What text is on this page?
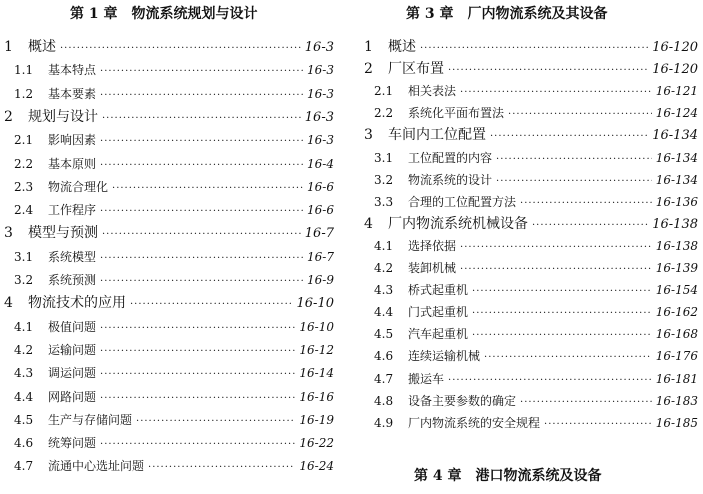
第 1 章　物流系统规划与设计
1	概述 ·····	16-3
1.1	基本特点 ·····	16-3
1.2	基本要素 ·····	16-3
2	规划与设计 ·····	16-3
2.1	影响因素 ·····	16-3
2.2	基本原则 ·····	16-4
2.3	物流合理化 ·····	16-6
2.4	工作程序 ·····	16-6
3	模型与预测 ·····	16-7
3.1	系统模型 ·····	16-7
3.2	系统预测 ·····	16-9
4	物流技术的应用 ·····	16-10
4.1	极值问题 ·····	16-10
4.2	运输问题 ·····	16-12
4.3	调运问题 ·····	16-14
4.4	网路问题 ·····	16-16
4.5	生产与存储问题 ·····	16-19
4.6	统筹问题 ·····	16-22
4.7	流通中心选址问题 ·····	16-24
第 3 章　厂内物流系统及其设备
1	概述 ·····	16-120
2	厂区布置 ·····	16-120
2.1	相关表法 ·····	16-121
2.2	系统化平面布置法 ·····	16-124
3	车间内工位配置 ·····	16-134
3.1	工位配置的内容 ·····	16-134
3.2	物流系统的设计 ·····	16-134
3.3	合理的工位配置方法 ·····	16-136
4	厂内物流系统机械设备 ·····	16-138
4.1	选择依据 ·····	16-138
4.2	装卸机械 ·····	16-139
4.3	桥式起重机 ·····	16-154
4.4	门式起重机 ·····	16-162
4.5	汽车起重机 ·····	16-168
4.6	连续运输机械 ·····	16-176
4.7	搬运车 ·····	16-181
4.8	设备主要参数的确定 ·····	16-183
4.9	厂内物流系统的安全规程 ·····	16-185
第 4 章　港口物流系统及设备
